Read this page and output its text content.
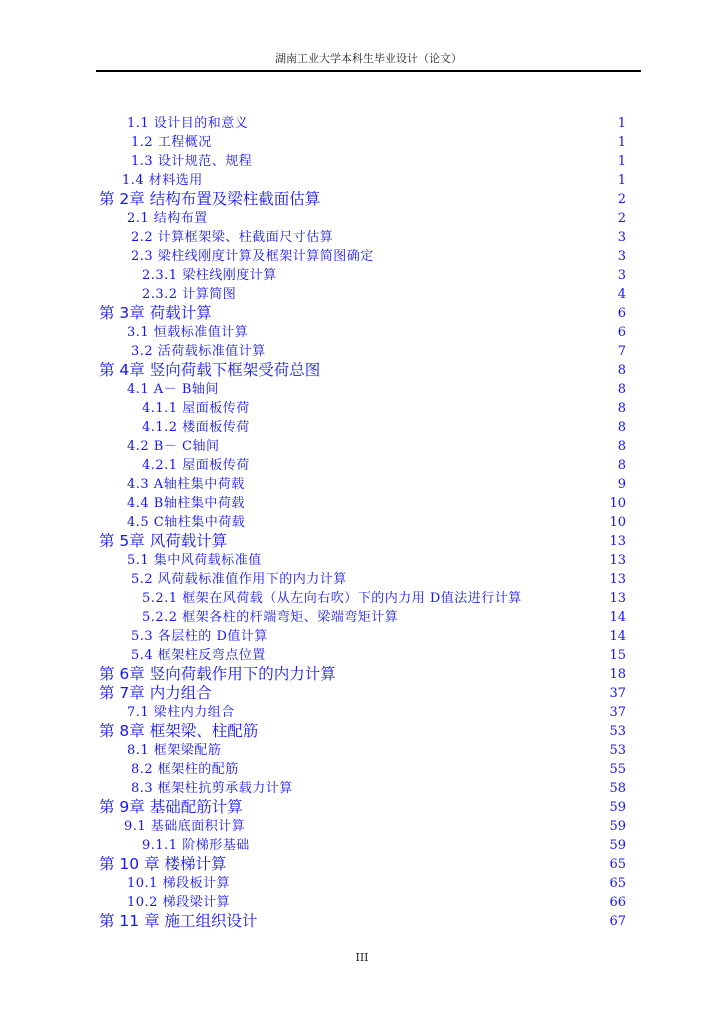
湖南工业大学本科生毕业设计（论文）
1.1 设计目的和意义	1
1.2 工程概况	1
1.3 设计规范、规程	1
1.4 材料选用	1
第 2章 结构布置及梁柱截面估算	2
2.1 结构布置	2
2.2 计算框架梁、柱截面尺寸估算	3
2.3 梁柱线刚度计算及框架计算简图确定	3
2.3.1 梁柱线刚度计算	3
2.3.2 计算简图	4
第 3章 荷载计算	6
3.1 恒载标准值计算	6
3.2 活荷载标准值计算	7
第 4章 竖向荷载下框架受荷总图	8
4.1 A－ B轴间	8
4.1.1 屋面板传荷	8
4.1.2 楼面板传荷	8
4.2 B－ C轴间	8
4.2.1 屋面板传荷	8
4.3 A轴柱集中荷载	9
4.4 B轴柱集中荷载	10
4.5 C轴柱集中荷载	10
第 5章 风荷载计算	13
5.1 集中风荷载标准值	13
5.2 风荷载标准值作用下的内力计算	13
5.2.1 框架在风荷载（从左向右吹）下的内力用 D值法进行计算	13
5.2.2 框架各柱的杆端弯矩、梁端弯矩计算	14
5.3 各层柱的 D值计算	14
5.4 框架柱反弯点位置	15
第 6章 竖向荷载作用下的内力计算	18
第 7章 内力组合	37
7.1 梁柱内力组合	37
第 8章 框架梁、柱配筋	53
8.1 框架梁配筋	53
8.2 框架柱的配筋	55
8.3 框架柱抗剪承载力计算	58
第 9章 基础配筋计算	59
9.1 基础底面积计算	59
9.1.1 阶梯形基础	59
第 10 章 楼梯计算	65
10.1 梯段板计算	65
10.2 梯段梁计算	66
第 11 章 施工组织设计	67
III
